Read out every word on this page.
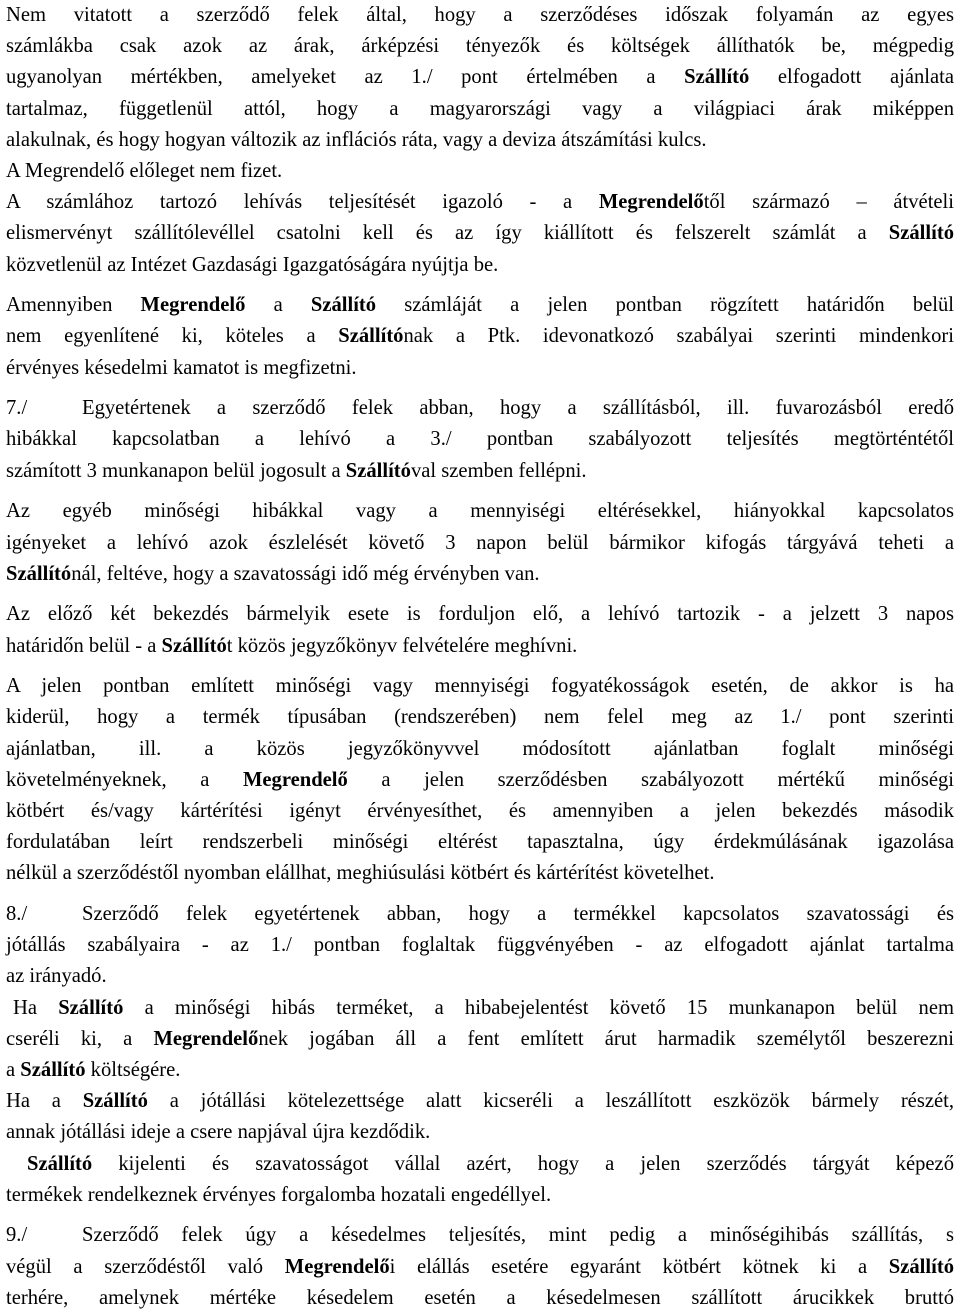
Nem vitatott a szerződő felek által, hogy a szerződéses időszak folyamán az egyes
számlákba csak azok az árak, árképzési tényezők és költségek állíthatók be, mégpedig
ugyanolyan mértékben, amelyeket az 1./ pont értelmében a Szállító elfogadott ajánlata
tartalmaz, függetlenül attól, hogy a magyarországi vagy a világpiaci árak miképpen
alakulnak, és hogy hogyan változik az inflációs ráta, vagy a deviza átszámítási kulcs.
A Megrendelő előleget nem fizet.
A számlához tartozó lehívás teljesítését igazoló - a Megrendelőtől származó – átvételi
elismervényt szállítólevéllel csatolni kell és az így kiállított és felszerelt számlát a Szállító
közvetlenül az Intézet Gazdasági Igazgatóságára nyújtja be.
Amennyiben Megrendelő a Szállító számláját a jelen pontban rögzített határidőn belül
nem egyenlítené ki, köteles a Szállítónak a Ptk. idevonatkozó szabályai szerinti mindenkori
érvényes késedelmi kamatot is megfizetni.
7./	Egyetértenek a szerződő felek abban, hogy a szállításból, ill. fuvarozásból eredő
hibákkal kapcsolatban a lehívó a 3./ pontban szabályozott teljesítés megtörténtétől
számított 3 munkanapon belül jogosult a Szállítóval szemben fellépni.
Az egyéb minőségi hibákkal vagy a mennyiségi eltérésekkel, hiányokkal kapcsolatos
igényeket a lehívó azok észlelését követő 3 napon belül bármikor kifogás tárgyává teheti a
Szállítónál, feltéve, hogy a szavatossági idő még érvényben van.
Az előző két bekezdés bármelyik esete is forduljon elő, a lehívó tartozik - a jelzett 3 napos
határidőn belül - a Szállítót közös jegyzőkönyv felvételére meghívni.
A jelen pontban említett minőségi vagy mennyiségi fogyatékosságok esetén, de akkor is ha
kiderül, hogy a termék típusában (rendszerében) nem felel meg az 1./ pont szerinti
ajánlatban, ill. a közös jegyzőkönyvvel módosított ajánlatban foglalt minőségi
követelményeknek, a Megrendelő a jelen szerződésben szabályozott mértékű minőségi
kötbért és/vagy kártérítési igényt érvényesíthet, és amennyiben a jelen bekezdés második
fordulatában leírt rendszerbeli minőségi eltérést tapasztalna, úgy érdekmúlásának igazolása
nélkül a szerződéstől nyomban elállhat, meghiúsulási kötbért és kártérítést követelhet.
8./	Szerződő felek egyetértenek abban, hogy a termékkel kapcsolatos szavatossági és
jótállás szabályaira - az 1./ pontban foglaltak függvényében - az elfogadott ajánlat tartalma
az irányadó.
Ha Szállító a minőségi hibás terméket, a hibabejelentést követő 15 munkanapon belül nem
cseréli ki, a Megrendelőnek jogában áll a fent említett árut harmadik személytől beszerezni
a Szállító költségére.
Ha a Szállító a jótállási kötelezettsége alatt kicseréli a leszállított eszközök bármely részét,
annak jótállási ideje a csere napjával újra kezdődik.
Szállító kijelenti és szavatosságot vállal azért, hogy a jelen szerződés tárgyát képező
termékek rendelkeznek érvényes forgalomba hozatali engedéllyel.
9./	Szerződő felek úgy a késedelmes teljesítés, mint pedig a minőségihibás szállítás, s
végül a szerződéstől való Megrendelői elállás esetére egyaránt kötbért kötnek ki a Szállító
terhére, amelynek mértéke késedelem esetén a késedelmesen szállított árucikkek bruttó
